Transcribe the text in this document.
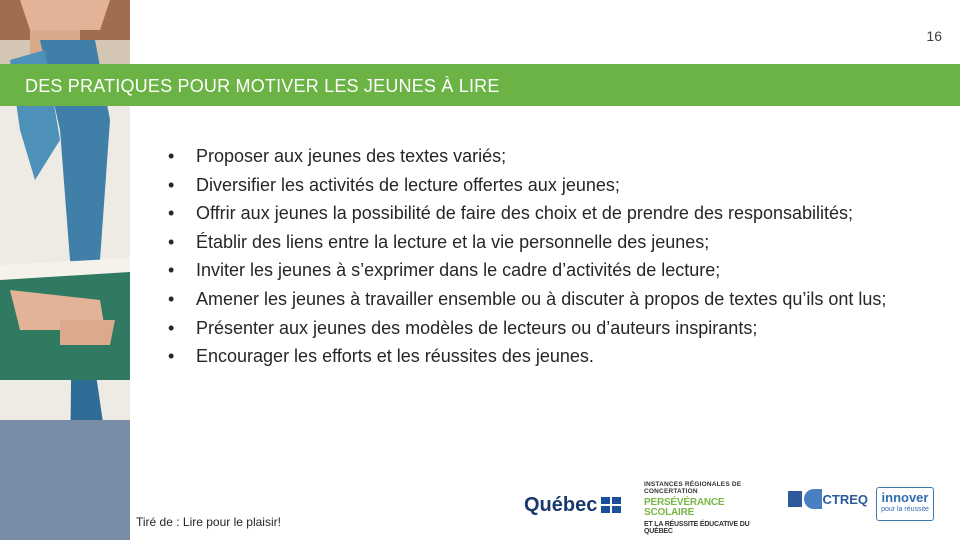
16
DES PRATIQUES POUR MOTIVER LES JEUNES À LIRE
•	Proposer aux jeunes des textes variés;
•	Diversifier les activités de lecture offertes aux jeunes;
•	Offrir aux jeunes la possibilité de faire des choix et de prendre des responsabilités;
•	Établir des liens entre la lecture et la vie personnelle des jeunes;
•	Inviter les jeunes à s’exprimer dans le cadre d’activités de lecture;
•	Amener les jeunes à travailler ensemble ou à discuter à propos de textes qu’ils ont lus;
•	Présenter aux jeunes des modèles de lecteurs ou d’auteurs inspirants;
•	Encourager les efforts et les réussites des jeunes.
Tiré de : Lire pour le plaisir!
Québec
INSTANCES RÉGIONALES DE CONCERTATION
PERSÉVÉRANCE SCOLAIRE
ET LA RÉUSSITE ÉDUCATIVE DU QUÉBEC
CTREQ	innover
pour la réussite
